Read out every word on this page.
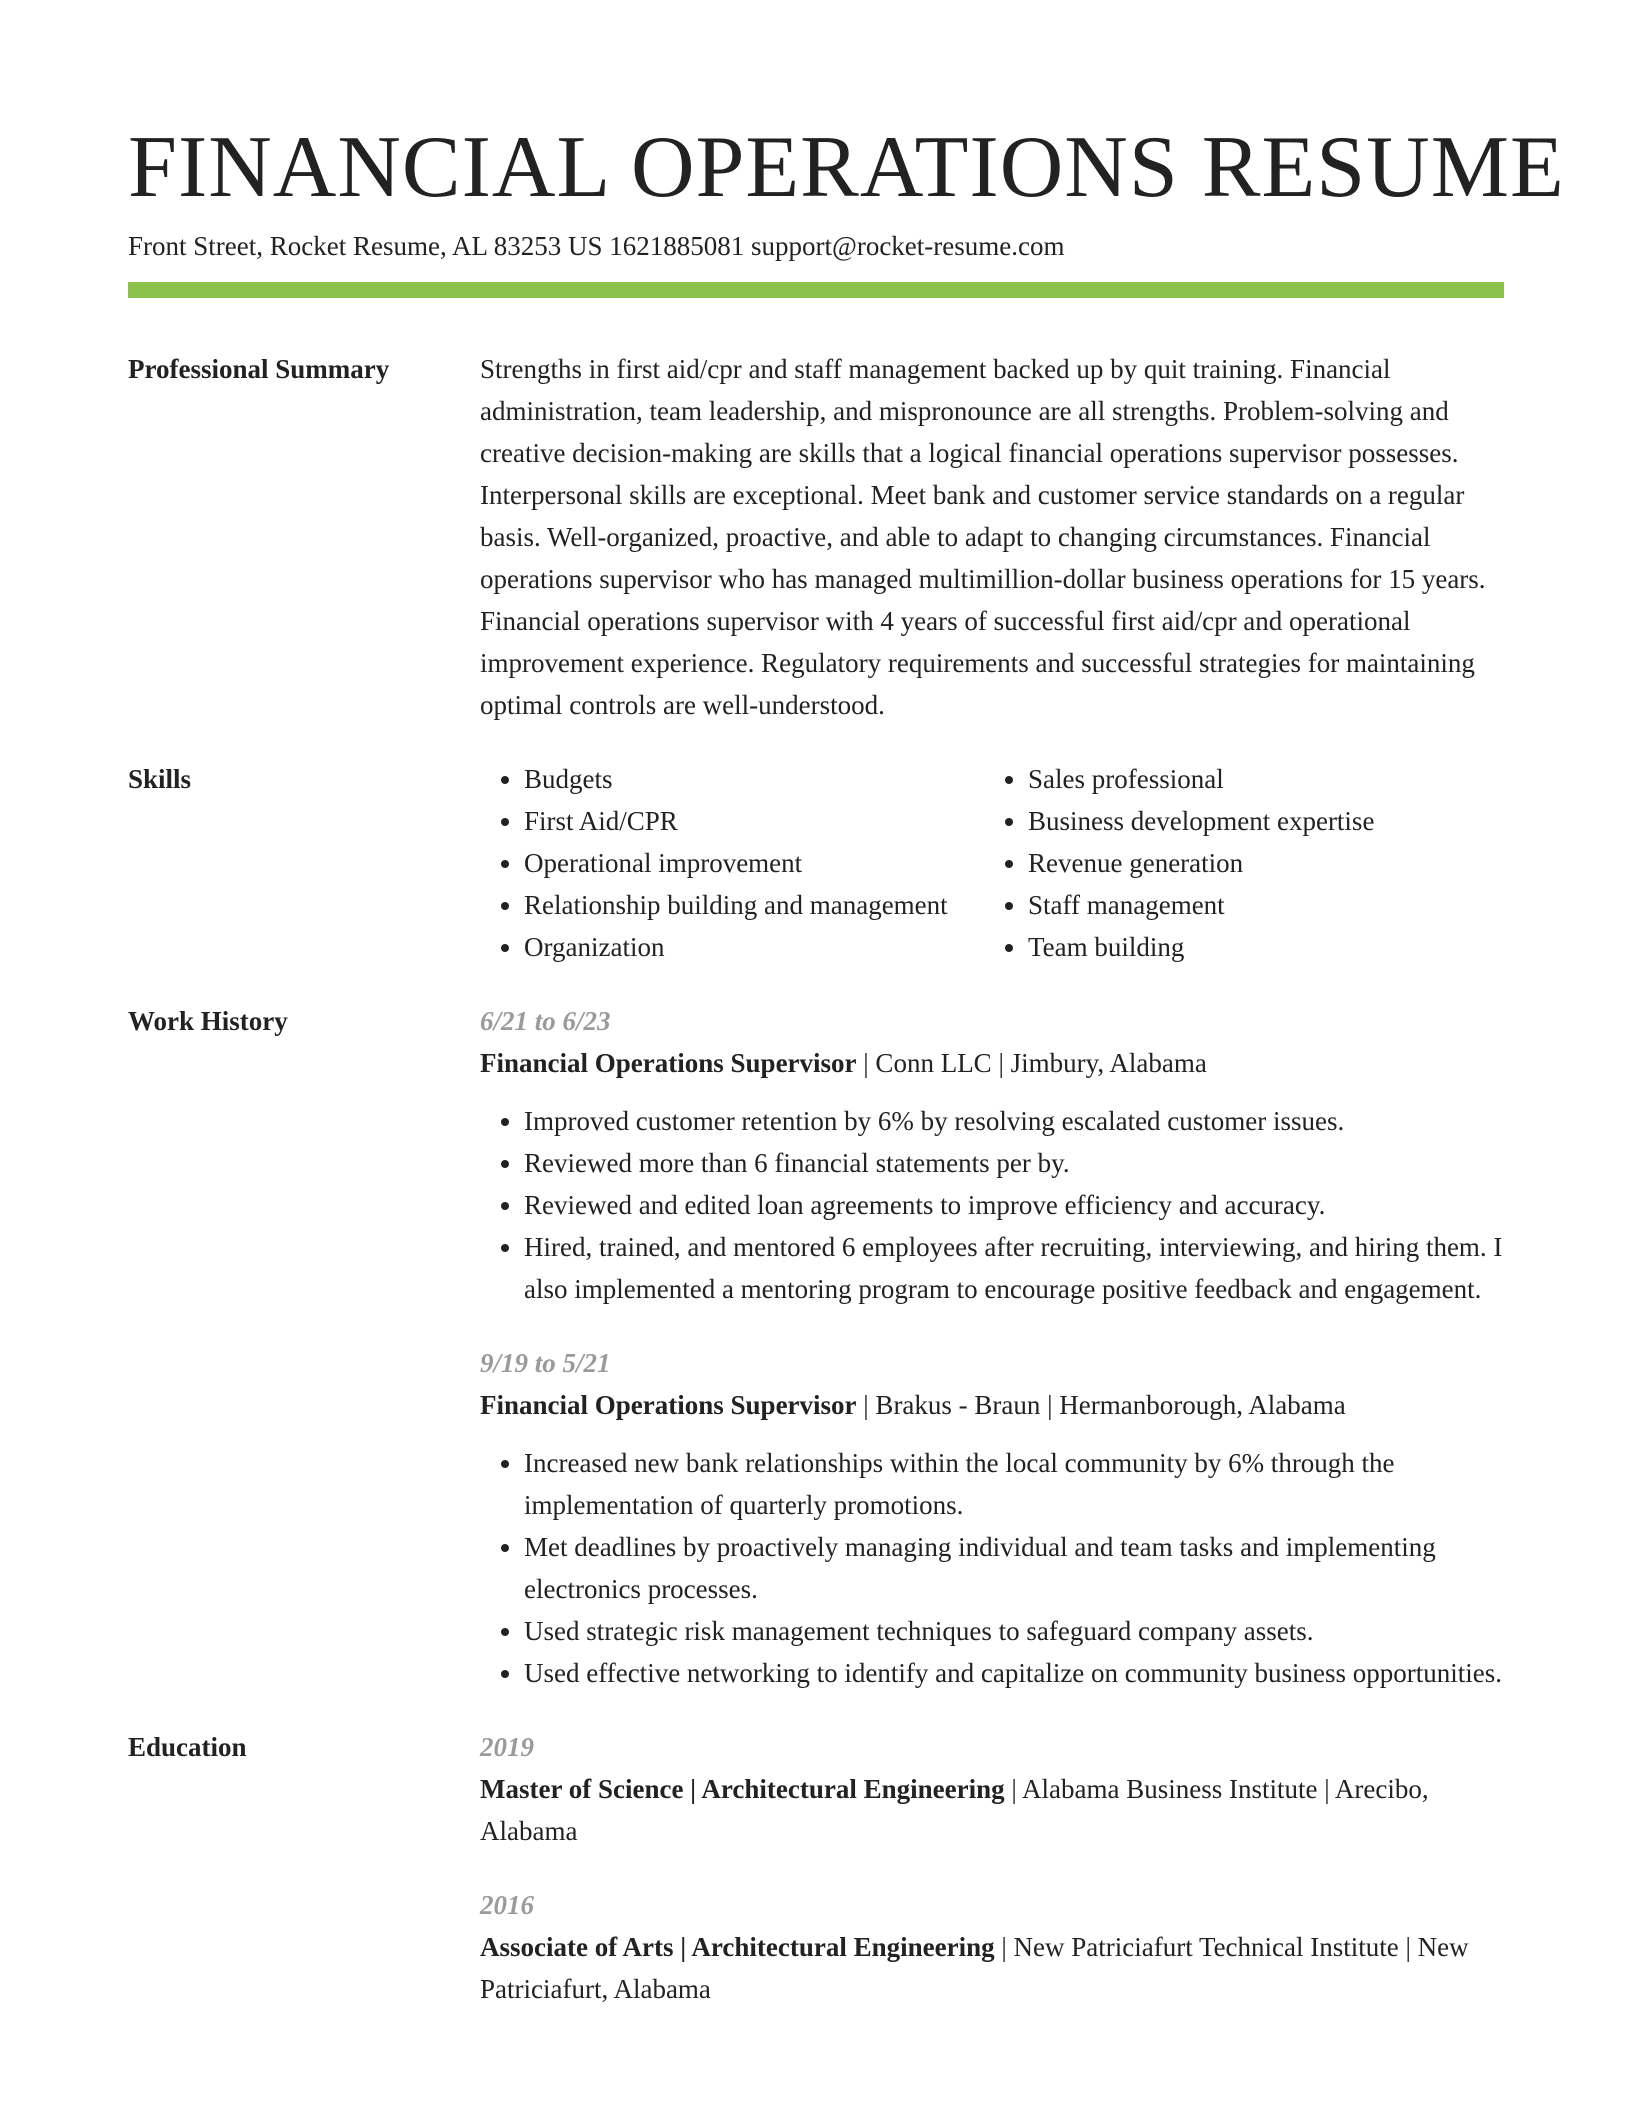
FINANCIAL OPERATIONS RESUME
Front Street, Rocket Resume, AL 83253 US 1621885081 support@rocket-resume.com
Professional Summary	Strengths in first aid/cpr and staff management backed up by quit training. Financial administration, team leadership, and mispronounce are all strengths. Problem-solving and creative decision-making are skills that a logical financial operations supervisor possesses. Interpersonal skills are exceptional. Meet bank and customer service standards on a regular basis. Well-organized, proactive, and able to adapt to changing circumstances. Financial operations supervisor who has managed multimillion-dollar business operations for 15 years. Financial operations supervisor with 4 years of successful first aid/cpr and operational improvement experience. Regulatory requirements and successful strategies for maintaining optimal controls are well-understood.

Skills
•	Budgets
• First Aid/CPR
• Operational improvement
• Relationship building and management
• Organization
• Sales professional
• Business development expertise
• Revenue generation
• Staff management
• Team building
Work History	6/21 to 6/23
Financial Operations Supervisor | Conn LLC | Jimbury, Alabama
• Improved customer retention by 6% by resolving escalated customer issues.
• Reviewed more than 6 financial statements per by.
• Reviewed and edited loan agreements to improve efficiency and accuracy.
• Hired, trained, and mentored 6 employees after recruiting, interviewing, and hiring them. I also implemented a mentoring program to encourage positive feedback and engagement.
9/19 to 5/21
Financial Operations Supervisor | Brakus - Braun | Hermanborough, Alabama
• Increased new bank relationships within the local community by 6% through the implementation of quarterly promotions.
• Met deadlines by proactively managing individual and team tasks and implementing electronics processes.
• Used strategic risk management techniques to safeguard company assets.
• Used effective networking to identify and capitalize on community business opportunities.
Education	2019
Master of Science | Architectural Engineering | Alabama Business Institute | Arecibo, Alabama
2016
Associate of Arts | Architectural Engineering | New Patriciafurt Technical Institute | New Patriciafurt, Alabama
